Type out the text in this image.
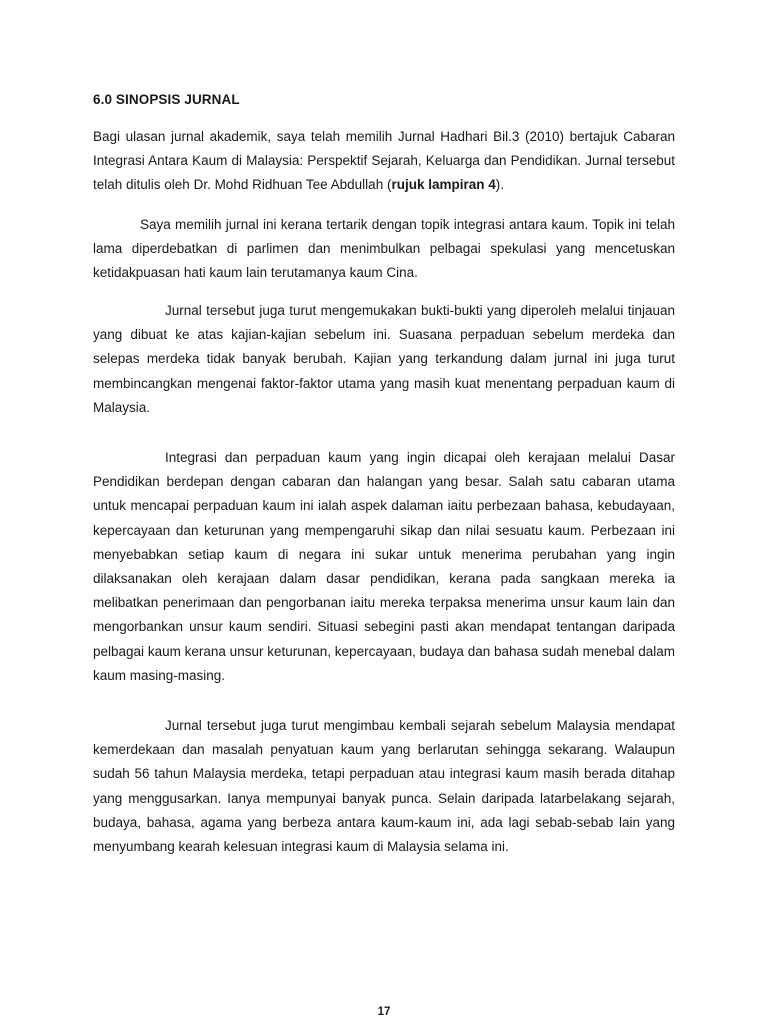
6.0 SINOPSIS JURNAL
Bagi ulasan jurnal akademik, saya telah memilih Jurnal Hadhari Bil.3 (2010) bertajuk Cabaran Integrasi Antara Kaum di Malaysia: Perspektif Sejarah, Keluarga dan Pendidikan. Jurnal tersebut telah ditulis oleh Dr. Mohd Ridhuan Tee Abdullah (rujuk lampiran 4).
Saya memilih jurnal ini kerana tertarik dengan topik integrasi antara kaum. Topik ini telah lama diperdebatkan di parlimen dan menimbulkan pelbagai spekulasi yang mencetuskan ketidakpuasan hati kaum lain terutamanya kaum Cina.
Jurnal tersebut juga turut mengemukakan bukti-bukti yang diperoleh melalui tinjauan yang dibuat ke atas kajian-kajian sebelum ini. Suasana perpaduan sebelum merdeka dan selepas merdeka tidak banyak berubah. Kajian yang terkandung dalam jurnal ini juga turut membincangkan mengenai faktor-faktor utama yang masih kuat menentang perpaduan kaum di Malaysia.
Integrasi dan perpaduan kaum yang ingin dicapai oleh kerajaan melalui Dasar Pendidikan berdepan dengan cabaran dan halangan yang besar. Salah satu cabaran utama untuk mencapai perpaduan kaum ini ialah aspek dalaman iaitu perbezaan bahasa, kebudayaan, kepercayaan dan keturunan yang mempengaruhi sikap dan nilai sesuatu kaum. Perbezaan ini menyebabkan setiap kaum di negara ini sukar untuk menerima perubahan yang ingin dilaksanakan oleh kerajaan dalam dasar pendidikan, kerana pada sangkaan mereka ia melibatkan penerimaan dan pengorbanan iaitu mereka terpaksa menerima unsur kaum lain dan mengorbankan unsur kaum sendiri. Situasi sebegini pasti akan mendapat tentangan daripada pelbagai kaum kerana unsur keturunan, kepercayaan, budaya dan bahasa sudah menebal dalam kaum masing-masing.
Jurnal tersebut juga turut mengimbau kembali sejarah sebelum Malaysia mendapat kemerdekaan dan masalah penyatuan kaum yang berlarutan sehingga sekarang. Walaupun sudah 56 tahun Malaysia merdeka, tetapi perpaduan atau integrasi kaum masih berada ditahap yang menggusarkan. Ianya mempunyai banyak punca. Selain daripada latarbelakang sejarah, budaya, bahasa, agama yang berbeza antara kaum-kaum ini, ada lagi sebab-sebab lain yang menyumbang kearah kelesuan integrasi kaum di Malaysia selama ini.
17
